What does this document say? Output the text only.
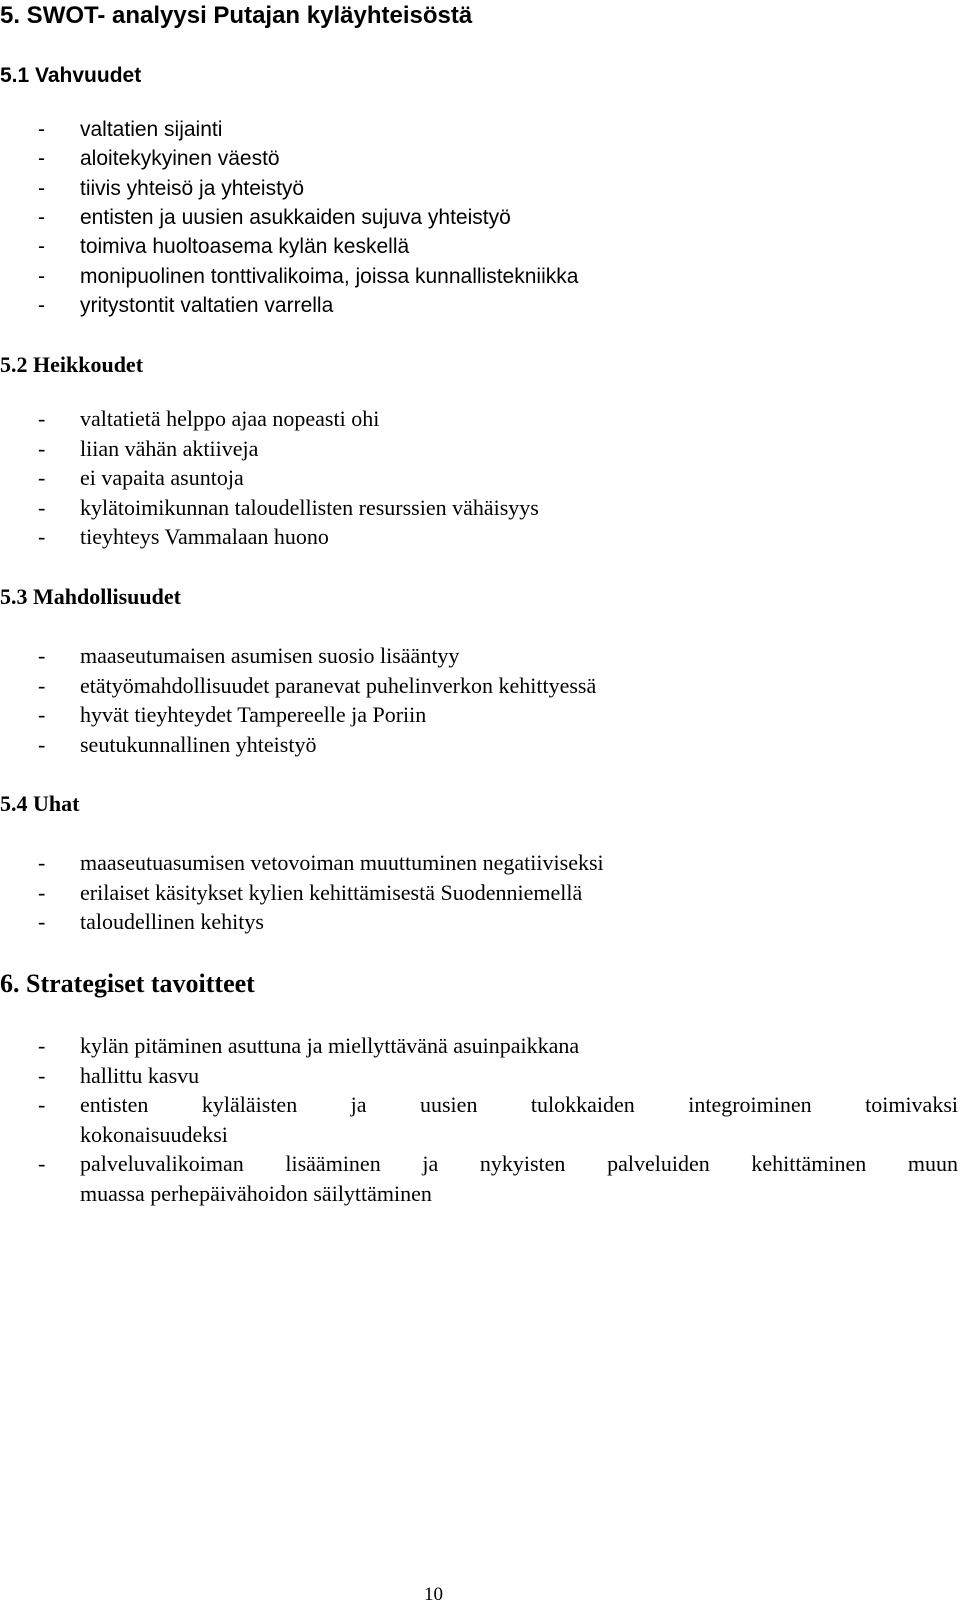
5. SWOT- analyysi Putajan kyläyhteisöstä
5.1 Vahvuudet
- valtatien sijainti
- aloitekykyinen väestö
- tiivis yhteisö ja yhteistyö
- entisten ja uusien asukkaiden sujuva yhteistyö
- toimiva huoltoasema kylän keskellä
- monipuolinen tonttivalikoima, joissa kunnallistekniikka
- yritystontit valtatien varrella
5.2 Heikkoudet
- valtatietä helppo ajaa nopeasti ohi
- liian vähän aktiiveja
- ei vapaita asuntoja
- kylätoimikunnan taloudellisten resurssien vähäisyys
- tieyhteys Vammalaan huono
5.3 Mahdollisuudet
- maaseutumaisen asumisen suosio lisääntyy
- etätyömahdollisuudet paranevat puhelinverkon kehittyessä
- hyvät tieyhteydet Tampereelle ja Poriin
- seutukunnallinen yhteistyö
5.4 Uhat
- maaseutuasumisen vetovoiman muuttuminen negatiiviseksi
- erilaiset käsitykset kylien kehittämisestä Suodenniemellä
- taloudellinen kehitys
6. Strategiset tavoitteet
- kylän pitäminen asuttuna ja miellyttävänä asuinpaikkana
- hallittu kasvu
- entisten kyläläisten ja uusien tulokkaiden integroiminen toimivaksi
kokonaisuudeksi
- palveluvalikoiman lisääminen ja nykyisten palveluiden kehittäminen muun
muassa perhepäivähoidon säilyttäminen
10
